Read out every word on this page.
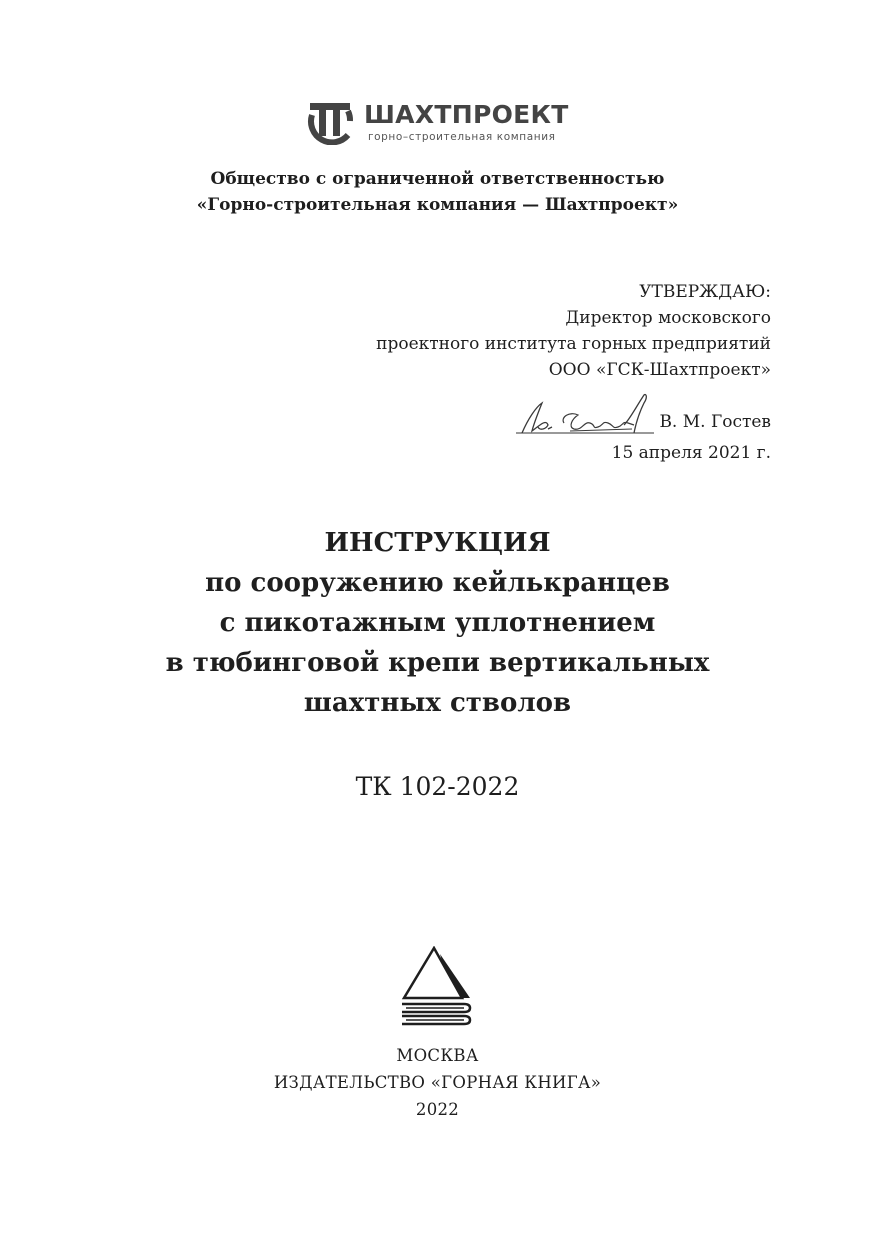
ШАХТПРОЕКТ
горно–строительная компания
Общество с ограниченной ответственностью
«Горно-строительная компания — Шахтпроект»
УТВЕРЖДАЮ:
Директор московского
проектного института горных предприятий
ООО «ГСК-Шахтпроект»
В. М. Гостев
15 апреля 2021 г.
ИНСТРУКЦИЯ
по сооружению кейлькранцев
с пикотажным уплотнением
в тюбинговой крепи вертикальных
шахтных стволов
ТК 102-2022
МОСКВА
ИЗДАТЕЛЬСТВО «ГОРНАЯ КНИГА»
2022
